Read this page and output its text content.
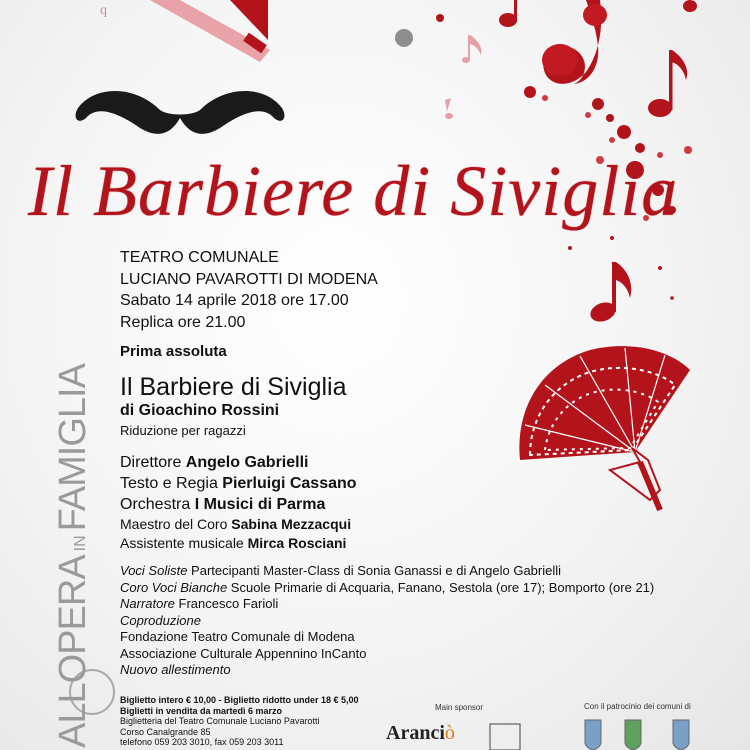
q
Il Barbiere di Siviglia
ALLOPERAINFAMIGLIA
TEATRO COMUNALE
LUCIANO PAVAROTTI DI MODENA
Sabato 14 aprile 2018 ore 17.00
Replica ore 21.00
Prima assoluta
Il Barbiere di Siviglia
di Gioachino Rossini
Riduzione per ragazzi
Direttore Angelo Gabrielli
Testo e Regia Pierluigi Cassano
Orchestra I Musici di Parma
Maestro del Coro Sabina Mezzacqui
Assistente musicale Mirca Rosciani
Voci Soliste Partecipanti Master-Class di Sonia Ganassi e di Angelo Gabrielli
Coro Voci Bianche Scuole Primarie di Acquaria, Fanano, Sestola (ore 17); Bomporto (ore 21)
Narratore Francesco Farioli
Coproduzione
Fondazione Teatro Comunale di Modena
Associazione Culturale Appennino InCanto
Nuovo allestimento
Biglietto intero € 10,00 - Biglietto ridotto under 18 € 5,00
Biglietti in vendita da martedì 6 marzo
Biglietteria del Teatro Comunale Luciano Pavarotti
Corso Canalgrande 85
telefono 059 203 3010, fax 059 203 3011
Main sponsor
Aranciò
Con il patrocinio dei comuni di
